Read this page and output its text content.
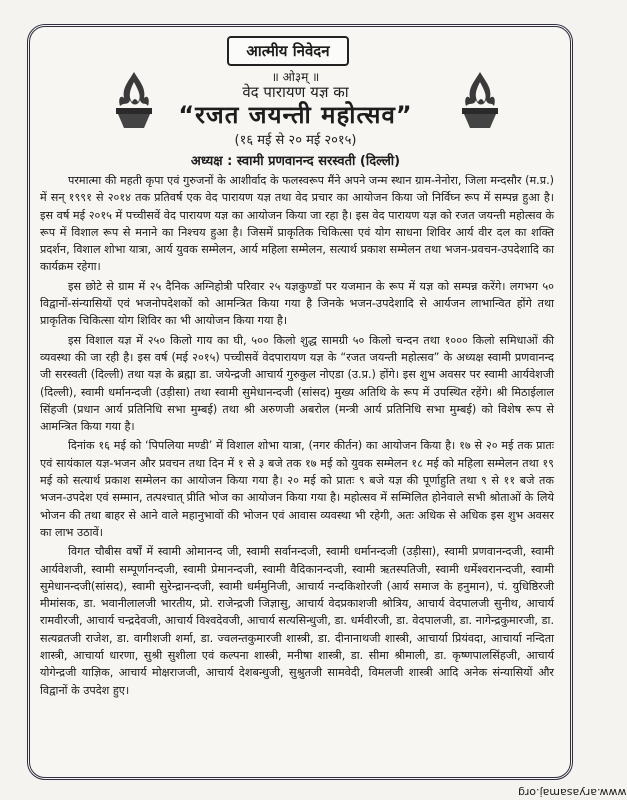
आत्मीय निवेदन
॥ ओ३म् ॥
वेद पारायण यज्ञ का
“रजत जयन्ती महोत्सव”
(१६ मई से २० मई २०१५)
अध्यक्ष : स्वामी प्रणवानन्द सरस्वती (दिल्ली)

परमात्मा की महती कृपा एवं गुरुजनों के आशीर्वाद के फलस्वरूप मैंने अपने जन्म स्थान ग्राम-नेनोरा, जिला मन्दसौर (म.प्र.) में सन् १९९१ से २०१४ तक प्रतिवर्ष एक वेद पारायण यज्ञ तथा वेद प्रचार का आयोजन किया जो निर्विघ्न रूप में सम्पन्न हुआ है। इस वर्ष मई २०१५ में पच्चीसवें वेद पारायण यज्ञ का आयोजन किया जा रहा है। इस वेद पारायण यज्ञ को रजत जयन्ती महोत्सव के रूप में विशाल रूप से मनाने का निश्चय हुआ है। जिसमें प्राकृतिक चिकित्सा एवं योग साधना शिविर आर्य वीर दल का शक्ति प्रदर्शन, विशाल शोभा यात्रा, आर्य युवक सम्मेलन, आर्य महिला सम्मेलन, सत्यार्थ प्रकाश सम्मेलन तथा भजन-प्रवचन-उपदेशादि का कार्यक्रम रहेगा।

इस छोटे से ग्राम में २५ दैनिक अग्निहोत्री परिवार २५ यज्ञकुण्डों पर यजमान के रूप में यज्ञ को सम्पन्न करेंगे। लगभग ५० विद्वानों-संन्यासियों एवं भजनोपदेशकों को आमन्त्रित किया गया है जिनके भजन-उपदेशादि से आर्यजन लाभान्वित होंगे तथा प्राकृतिक चिकित्सा योग शिविर का भी आयोजन किया गया है।

इस विशाल यज्ञ में २५० किलो गाय का घी, ५०० किलो शुद्ध सामग्री ५० किलो चन्दन तथा १००० किलो समिधाओं की व्यवस्था की जा रही है। इस वर्ष (मई २०१५) पच्चीसवें वेदपारायण यज्ञ के “रजत जयन्ती महोत्सव” के अध्यक्ष स्वामी प्रणवानन्द जी सरस्वती (दिल्ली) तथा यज्ञ के ब्रह्मा डा. जयेन्द्रजी आचार्य गुरुकुल नोएडा (उ.प्र.) होंगे। इस शुभ अवसर पर स्वामी आर्यवेशजी (दिल्ली), स्वामी धर्मानन्दजी (उड़ीसा) तथा स्वामी सुमेधानन्दजी (सांसद) मुख्य अतिथि के रूप में उपस्थित रहेंगे। श्री मिठाईलाल सिंहजी (प्रधान आर्य प्रतिनिधि सभा मुम्बई) तथा श्री अरुणजी अबरोल (मन्त्री आर्य प्रतिनिधि सभा मुम्बई) को विशेष रूप से आमन्त्रित किया गया है।

दिनांक १६ मई को ‘पिपलिया मण्डी’ में विशाल शोभा यात्रा, (नगर कीर्तन) का आयोजन किया है। १७ से २० मई तक प्रातः एवं सायंकाल यज्ञ-भजन और प्रवचन तथा दिन में १ से ३ बजे तक १७ मई को युवक सम्मेलन १८ मई को महिला सम्मेलन तथा १९ मई को सत्यार्थ प्रकाश सम्मेलन का आयोजन किया गया है। २० मई को प्रातः ९ बजे यज्ञ की पूर्णाहुति तथा ९ से ११ बजे तक भजन-उपदेश एवं सम्मान, तत्पश्चात् प्रीति भोज का आयोजन किया गया है। महोत्सव में सम्मिलित होनेवाले सभी श्रोताओं के लिये भोजन की तथा बाहर से आने वाले महानुभावों की भोजन एवं आवास व्यवस्था भी रहेगी, अतः अधिक से अधिक इस शुभ अवसर का लाभ उठावें।

विगत चौबीस वर्षों में स्वामी ओमानन्द जी, स्वामी सर्वानन्दजी, स्वामी धर्मानन्दजी (उड़ीसा), स्वामी प्रणवानन्दजी, स्वामी आर्यवेशजी, स्वामी सम्पूर्णानन्दजी, स्वामी प्रेमानन्दजी, स्वामी वैदिकानन्दजी, स्वामी ऋतस्पतिजी, स्वामी धर्मेश्वरानन्दजी, स्वामी सुमेधानन्दजी(सांसद), स्वामी सुरेन्द्रानन्दजी, स्वामी धर्ममुनिजी, आचार्य नन्दकिशोरजी (आर्य समाज के हनुमान), पं. युधिष्ठिरजी मीमांसक, डा. भवानीलालजी भारतीय, प्रो. राजेन्द्रजी जिज्ञासु, आचार्य वेदप्रकाशजी श्रोत्रिय, आचार्य वेदपालजी सुनीथ, आचार्य रामवीरजी, आचार्य चन्द्रदेवजी, आचार्य विश्वदेवजी, आचार्य सत्यसिन्धुजी, डा. धर्मवीरजी, डा. वेदपालजी, डा. नागेन्द्रकुमारजी, डा. सत्यव्रतजी राजेश, डा. वागीशजी शर्मा, डा. ज्वलन्तकुमारजी शास्त्री, डा. दीनानाथजी शास्त्री, आचार्या प्रियंवदा, आचार्या नन्दिता शास्त्री, आचार्या धारणा, सुश्री सुशीला एवं कल्पना शास्त्री, मनीषा शास्त्री, डा. सीमा श्रीमाली, डा. कृष्णपालसिंहजी, आचार्य योगेन्द्रजी याज्ञिक, आचार्य मोक्षराजजी, आचार्य देशबन्धुजी, सुश्रुतजी सामवेदी, विमलजी शास्त्री आदि अनेक संन्यासियों और विद्वानों के उपदेश हुए।

www.aryasamaj.org
